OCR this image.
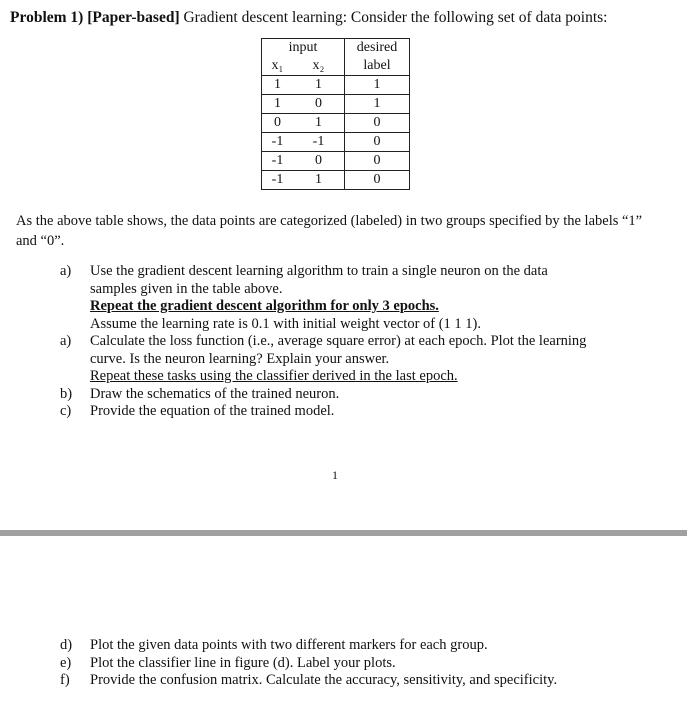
Problem 1) [Paper-based] Gradient descent learning: Consider the following set of data points:
input		desired
x₁	x₂	label
1	1	1
1	0	1
0	1	0
-1	-1	0
-1	0	0
-1	1	0
As the above table shows, the data points are categorized (labeled) in two groups specified by the labels “1” and “0”.
a) Use the gradient descent learning algorithm to train a single neuron on the data
samples given in the table above.
Repeat the gradient descent algorithm for only 3 epochs.
Assume the learning rate is 0.1 with initial weight vector of (1 1 1).
a) Calculate the loss function (i.e., average square error) at each epoch. Plot the learning
curve. Is the neuron learning? Explain your answer.
Repeat these tasks using the classifier derived in the last epoch.
b) Draw the schematics of the trained neuron.
c) Provide the equation of the trained model.
1
d) Plot the given data points with two different markers for each group.
e) Plot the classifier line in figure (d). Label your plots.
f) Provide the confusion matrix. Calculate the accuracy, sensitivity, and specificity.
